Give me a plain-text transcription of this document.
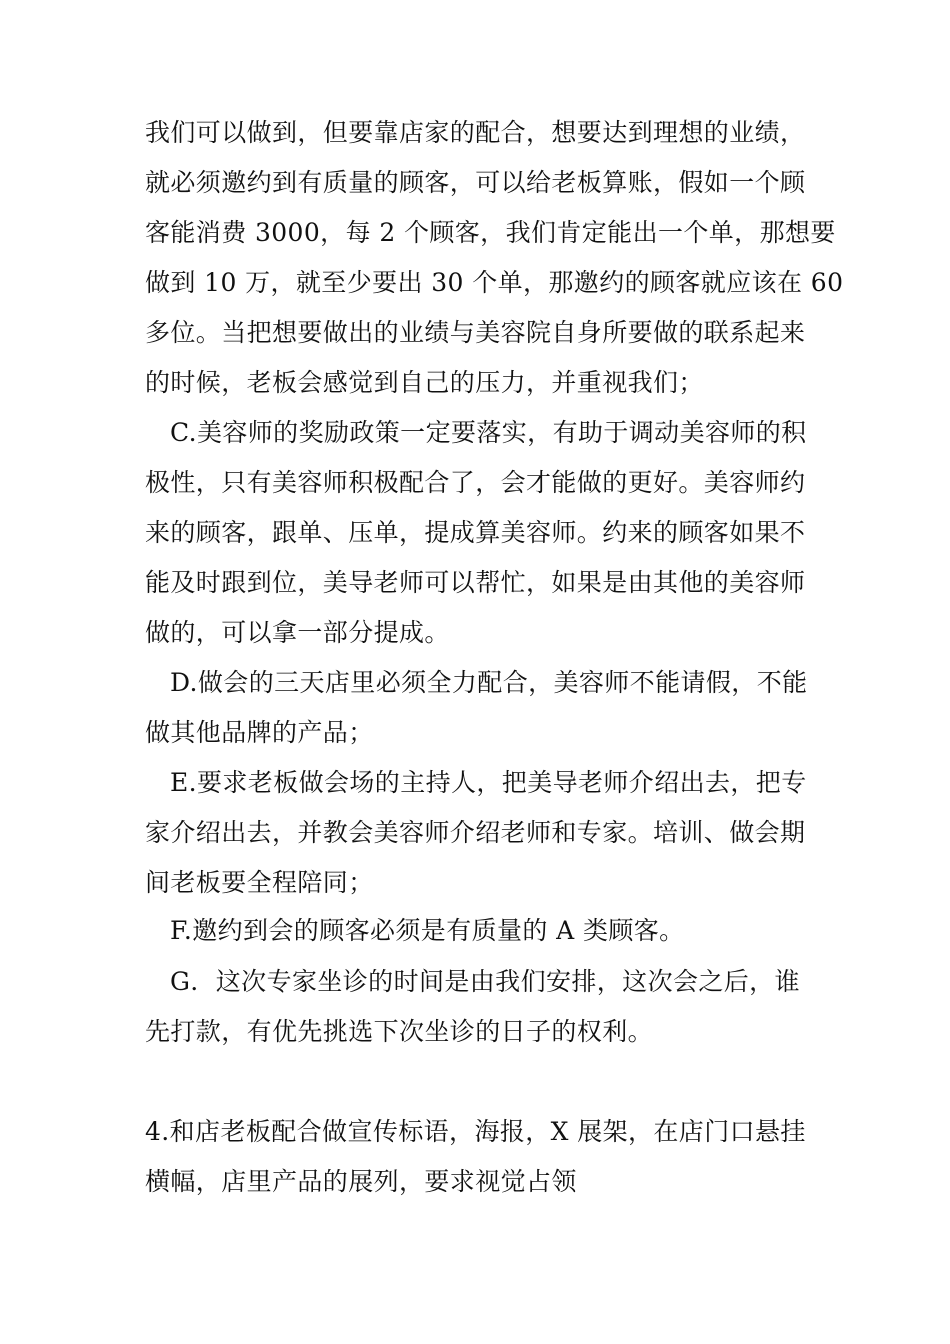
我们可以做到，但要靠店家的配合，想要达到理想的业绩，
就必须邀约到有质量的顾客，可以给老板算账，假如一个顾
客能消费 3000，每 2 个顾客，我们肯定能出一个单，那想要
做到 10 万，就至少要出 30 个单，那邀约的顾客就应该在 60
多位。当把想要做出的业绩与美容院自身所要做的联系起来
的时候，老板会感觉到自己的压力，并重视我们；
C.美容师的奖励政策一定要落实，有助于调动美容师的积
极性，只有美容师积极配合了，会才能做的更好。美容师约
来的顾客，跟单、压单，提成算美容师。约来的顾客如果不
能及时跟到位，美导老师可以帮忙，如果是由其他的美容师
做的，可以拿一部分提成。
D.做会的三天店里必须全力配合，美容师不能请假，不能
做其他品牌的产品；
E.要求老板做会场的主持人，把美导老师介绍出去，把专
家介绍出去，并教会美容师介绍老师和专家。培训、做会期
间老板要全程陪同；
F.邀约到会的顾客必须是有质量的 A 类顾客。
G．这次专家坐诊的时间是由我们安排，这次会之后，谁
先打款，有优先挑选下次坐诊的日子的权利。
4.和店老板配合做宣传标语，海报，X 展架，在店门口悬挂
横幅，店里产品的展列，要求视觉占领
